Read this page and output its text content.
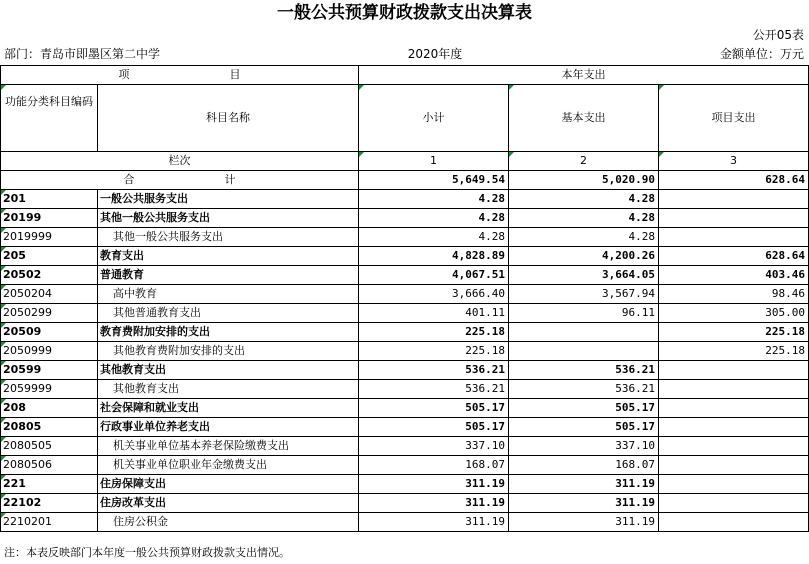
一般公共预算财政拨款支出决算表
公开05表
部门：青岛市即墨区第二中学	2020年度	金额单位：万元
项 目		本年支出		
功能分类科目编码	科目名称	小计	基本支出	项目支出
栏次		1	2	3
合 计		5,649.54	5,020.90	628.64
201	一般公共服务支出	4.28	4.28	
20199	其他一般公共服务支出	4.28	4.28	
2019999	其他一般公共服务支出	4.28	4.28	
205	教育支出	4,828.89	4,200.26	628.64
20502	普通教育	4,067.51	3,664.05	403.46
2050204	高中教育	3,666.40	3,567.94	98.46
2050299	其他普通教育支出	401.11	96.11	305.00
20509	教育费附加安排的支出	225.18		225.18
2050999	其他教育费附加安排的支出	225.18		225.18
20599	其他教育支出	536.21	536.21	
2059999	其他教育支出	536.21	536.21	
208	社会保障和就业支出	505.17	505.17	
20805	行政事业单位养老支出	505.17	505.17	
2080505	机关事业单位基本养老保险缴费支出	337.10	337.10	
2080506	机关事业单位职业年金缴费支出	168.07	168.07	
221	住房保障支出	311.19	311.19	
22102	住房改革支出	311.19	311.19	
2210201	住房公积金	311.19	311.19	
注：本表反映部门本年度一般公共预算财政拨款支出情况。
